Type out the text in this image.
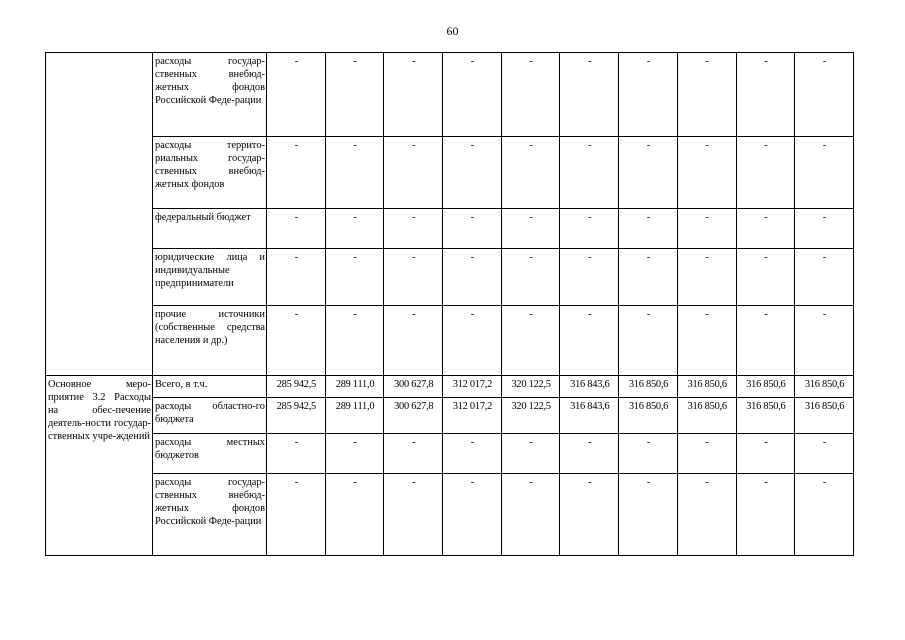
60
	расходы государ-ственных внебюд-жетных фондов Российской Феде-рации	-	-	-	-	-	-	-	-	-	-
	расходы террито-риальных государ-ственных внебюд-жетных фондов	-	-	-	-	-	-	-	-	-	-
	федеральный бюджет	-	-	-	-	-	-	-	-	-	-
	юридические лица и индивидуальные предприниматели	-	-	-	-	-	-	-	-	-	-
	прочие источники (собственные средства населения и др.)	-	-	-	-	-	-	-	-	-	-
Основное меро-приятие 3.2 Расходы на обес-печение деятель-ности государ-ственных учре-ждений	Всего, в т.ч.	285 942,5	289 111,0	300 627,8	312 017,2	320 122,5	316 843,6	316 850,6	316 850,6	316 850,6	316 850,6
	расходы областно-го бюджета	285 942,5	289 111,0	300 627,8	312 017,2	320 122,5	316 843,6	316 850,6	316 850,6	316 850,6	316 850,6
	расходы местных бюджетов	-	-	-	-	-	-	-	-	-	-
	расходы государ-ственных внебюд-жетных фондов Российской Феде-рации	-	-	-	-	-	-	-	-	-	-
